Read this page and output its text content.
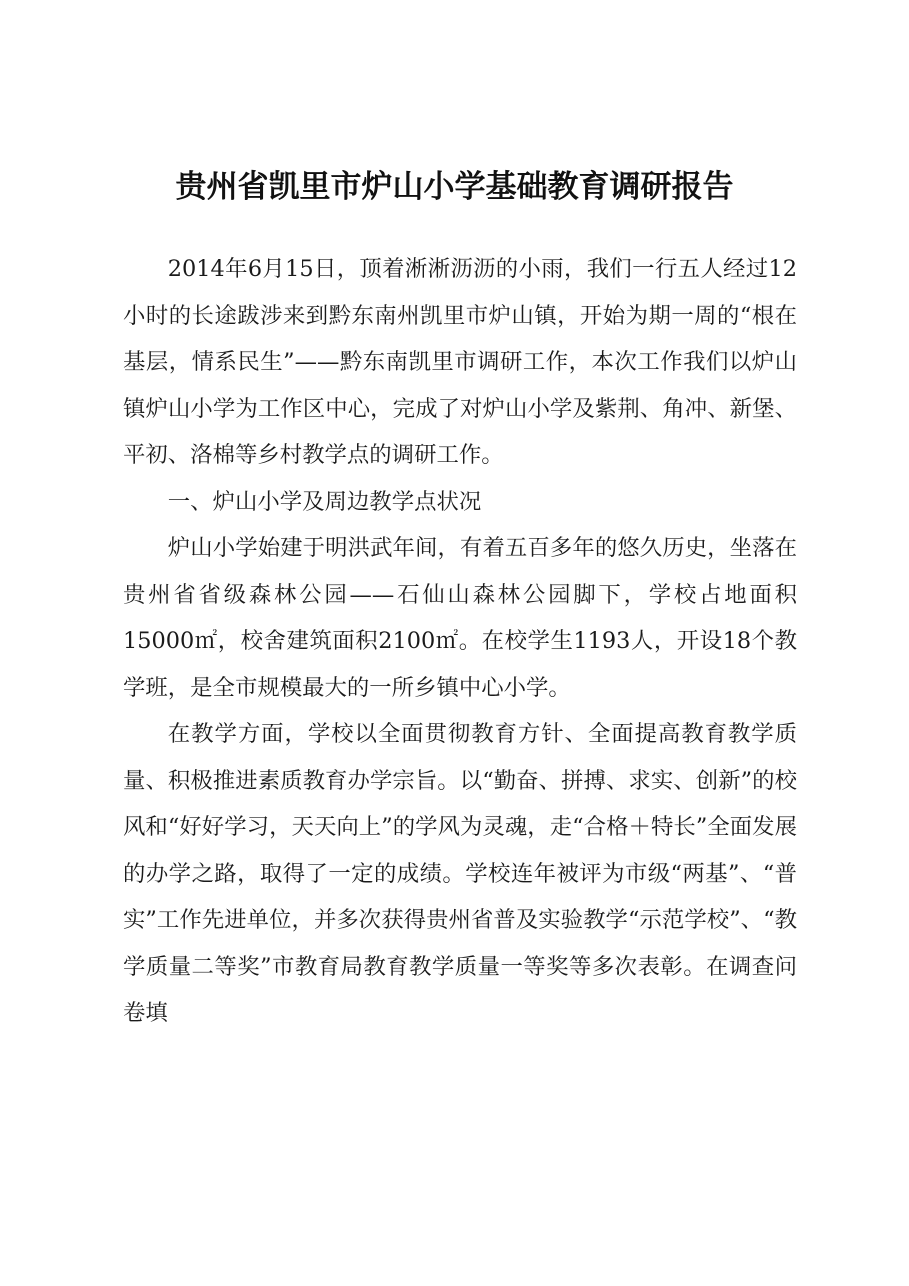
贵州省凯里市炉山小学基础教育调研报告

2014年6月15日，顶着淅淅沥沥的小雨，我们一行五人经过12小时的长途跋涉来到黔东南州凯里市炉山镇，开始为期一周的“根在基层，情系民生”——黔东南凯里市调研工作，本次工作我们以炉山镇炉山小学为工作区中心，完成了对炉山小学及紫荆、角冲、新堡、平初、洛棉等乡村教学点的调研工作。

一、炉山小学及周边教学点状况

炉山小学始建于明洪武年间，有着五百多年的悠久历史，坐落在贵州省省级森林公园——石仙山森林公园脚下，学校占地面积15000㎡，校舍建筑面积2100㎡。在校学生1193人，开设18个教学班，是全市规模最大的一所乡镇中心小学。

在教学方面，学校以全面贯彻教育方针、全面提高教育教学质量、积极推进素质教育办学宗旨。以“勤奋、拼搏、求实、创新”的校风和“好好学习，天天向上”的学风为灵魂，走“合格＋特长”全面发展的办学之路，取得了一定的成绩。学校连年被评为市级“两基”、“普实”工作先进单位，并多次获得贵州省普及实验教学“示范学校”、“教学质量二等奖”市教育局教育教学质量一等奖等多次表彰。在调查问卷填
